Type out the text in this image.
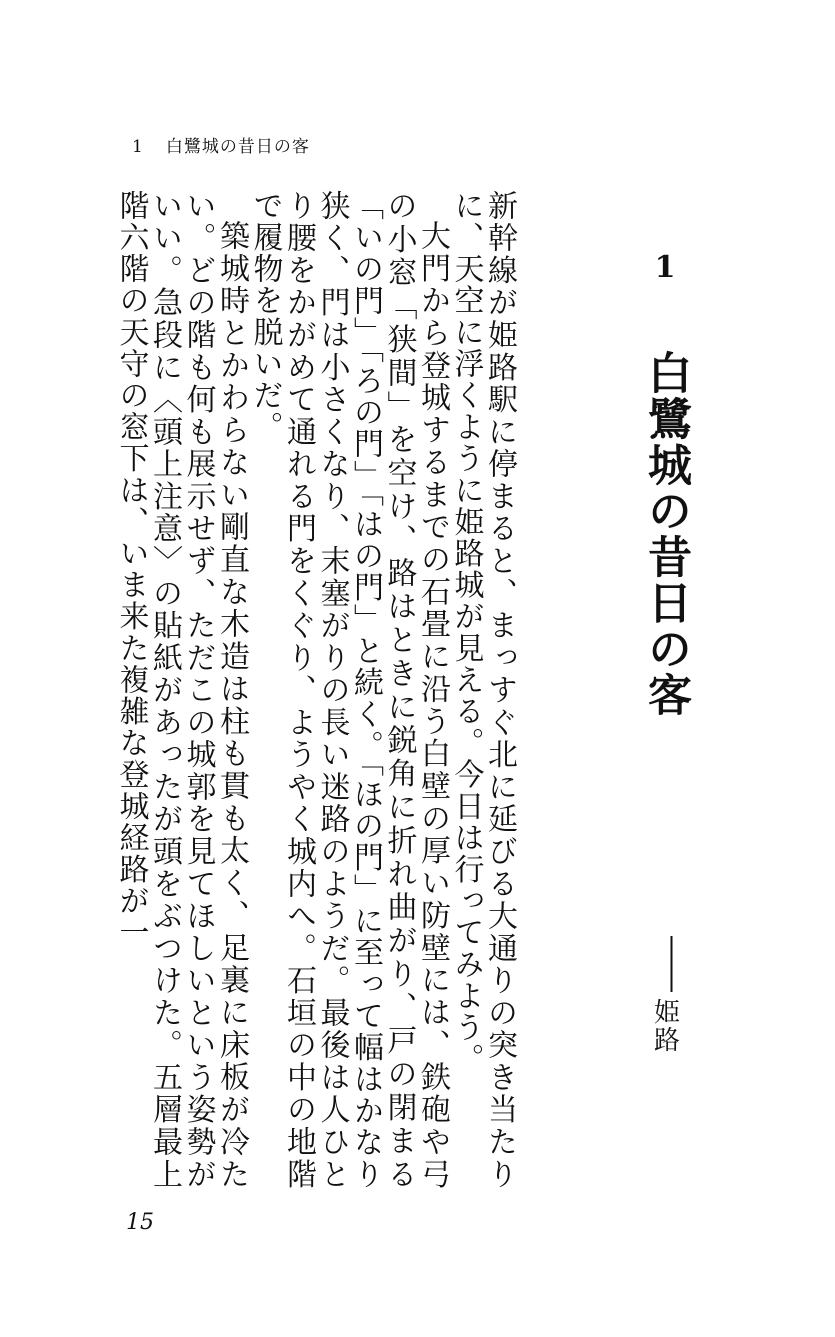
1 白鷺城の昔日の客
1
白鷺城の昔日の客
姫路

新幹線が姫路駅に停まると、まっすぐ北に延びる大通りの突き当たりに、天空に浮くように姫路城が見える。今日は行ってみよう。

大門から登城するまでの石畳に沿う白壁の厚い防壁には、鉄砲や弓の小窓「狭間」を空け、路はときに鋭角に折れ曲がり、戸の閉まる「いの門」「ろの門」「はの門」と続く。「ほの門」に至って幅はかなり狭く、門は小さくなり、末塞がりの長い迷路のようだ。最後は人ひとり腰をかがめて通れる門をくぐり、ようやく城内へ。石垣の中の地階で履物を脱いだ。

築城時とかわらない剛直な木造は柱も貫も太く、足裏に床板が冷たい。どの階も何も展示せず、ただこの城郭を見てほしいという姿勢がいい。急段に〈頭上注意〉の貼紙があったが頭をぶつけた。五層最上階六階の天守の窓下は、いま来た複雑な登城経路が一

15
